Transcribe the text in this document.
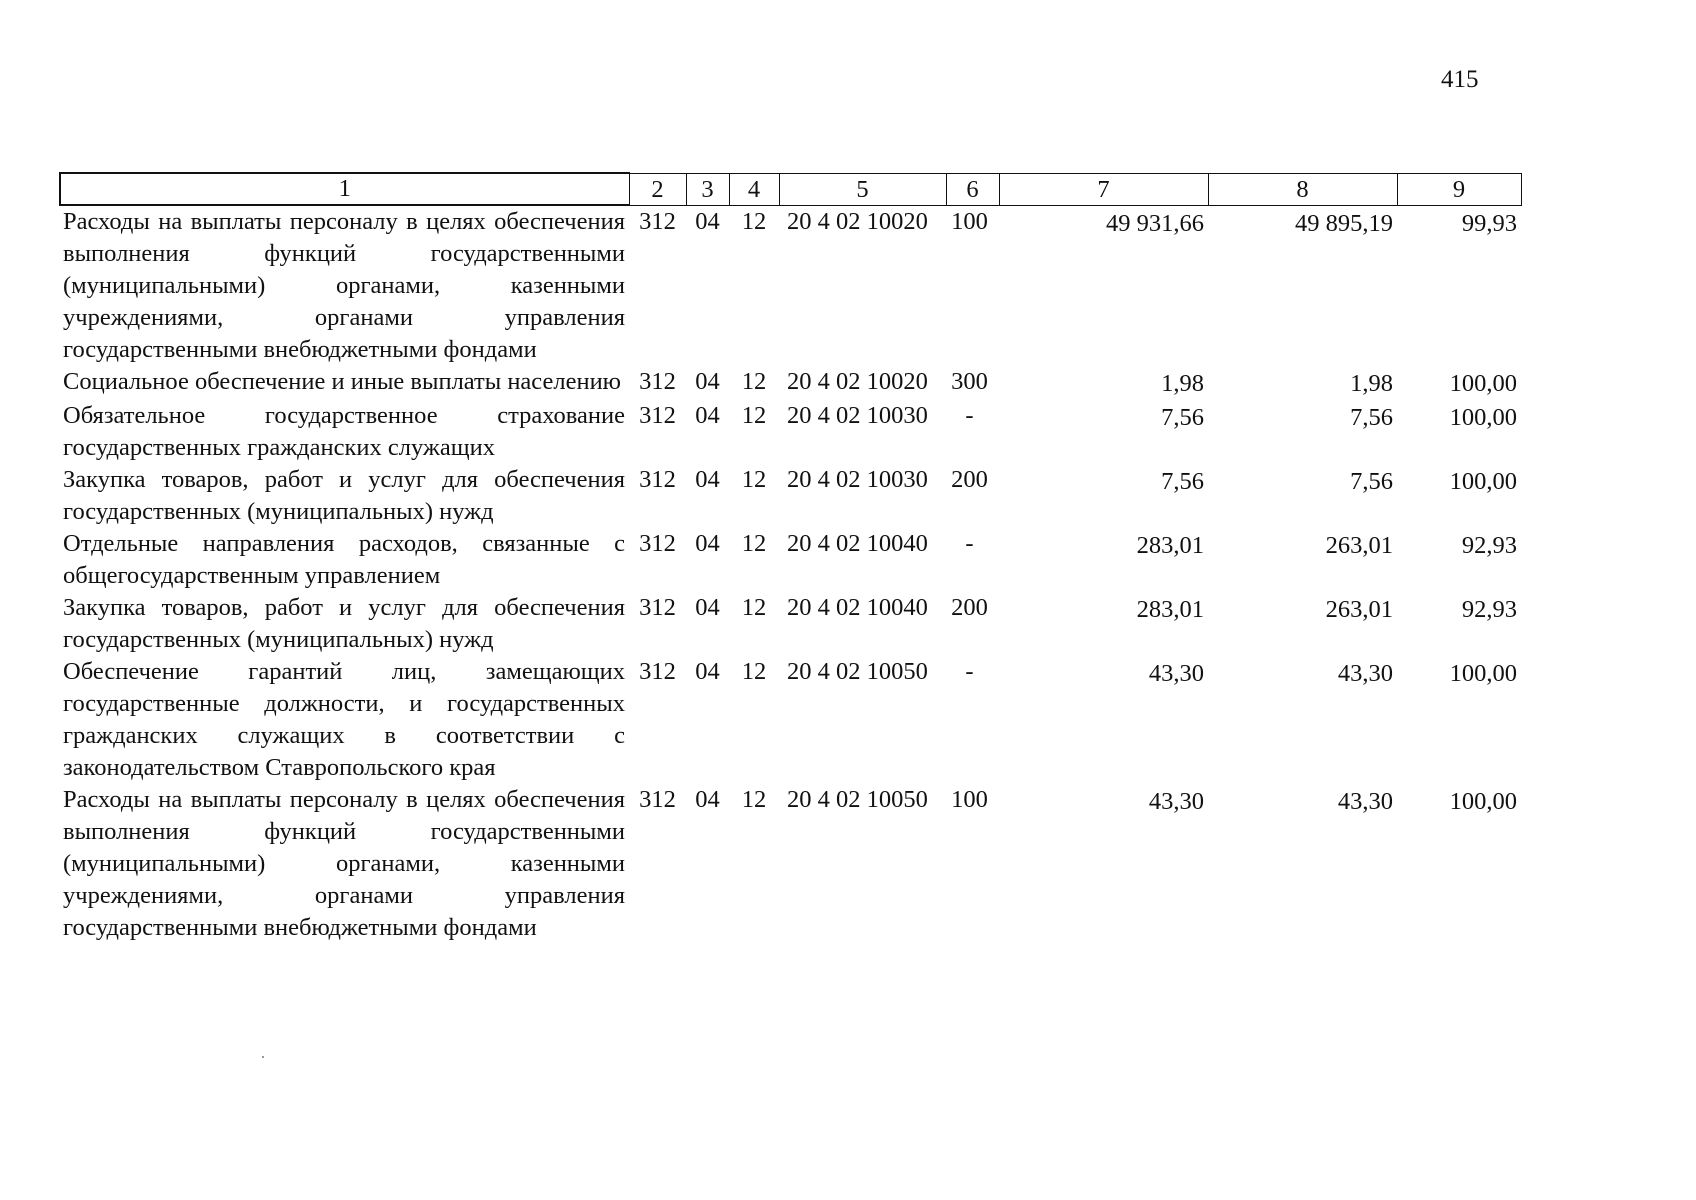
415
1	2	3	4	5	6	7	8	9
Расходы на выплаты персоналу в целях обеспечения выполнения функций государственными (муниципальными) органами, казенными учреждениями, органами управления государственными внебюджетными фондами	312	04	12	20 4 02 10020	100	49 931,66	49 895,19	99,93
Социальное обеспечение и иные выплаты населению	312	04	12	20 4 02 10020	300	1,98	1,98	100,00
Обязательное государственное страхование государственных гражданских служащих	312	04	12	20 4 02 10030	-	7,56	7,56	100,00
Закупка товаров, работ и услуг для обеспечения государственных (муниципальных) нужд	312	04	12	20 4 02 10030	200	7,56	7,56	100,00
Отдельные направления расходов, связанные с общегосударственным управлением	312	04	12	20 4 02 10040	-	283,01	263,01	92,93
Закупка товаров, работ и услуг для обеспечения государственных (муниципальных) нужд	312	04	12	20 4 02 10040	200	283,01	263,01	92,93
Обеспечение гарантий лиц, замещающих государственные должности, и государственных гражданских служащих в соответствии с законодательством Ставропольского края	312	04	12	20 4 02 10050	-	43,30	43,30	100,00
Расходы на выплаты персоналу в целях обеспечения выполнения функций государственными (муниципальными) органами, казенными учреждениями, органами управления государственными внебюджетными фондами	312	04	12	20 4 02 10050	100	43,30	43,30	100,00
